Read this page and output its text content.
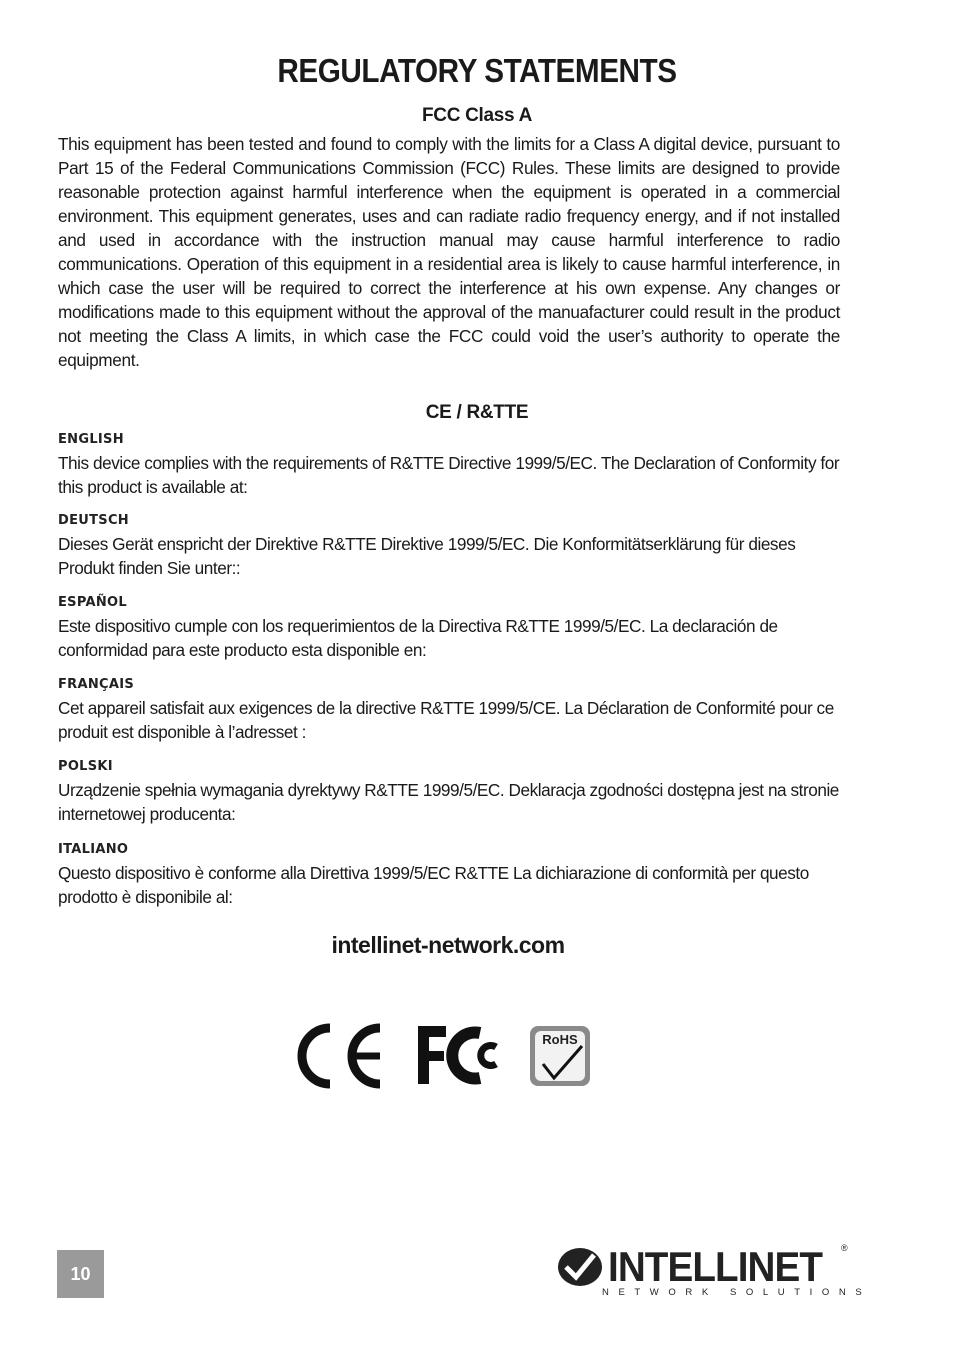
REGULATORY STATEMENTS
FCC Class A
This equipment has been tested and found to comply with the limits for a Class A digital device, pursuant to Part 15 of the Federal Communications Commission (FCC) Rules. These limits are designed to provide reasonable protection against harmful interference when the equipment is operated in a commercial environment. This equipment generates, uses and can radiate radio frequency energy, and if not installed and used in accordance with the instruction manual may cause harmful interference to radio communications. Operation of this equipment in a residential area is likely to cause harmful interference, in which case the user will be required to correct the interference at his own expense. Any changes or modifications made to this equipment without the approval of the manuafacturer could result in the product not meeting the Class A limits, in which case the FCC could void the user’s authority to operate the equipment.
CE / R&TTE
ENGLISH
This device complies with the requirements of R&TTE Directive 1999/5/EC. The Declaration of Conformity for this product is available at:
DEUTSCH
Dieses Gerät enspricht der Direktive R&TTE Direktive 1999/5/EC. Die Konformitätserklärung für dieses Produkt finden Sie unter::
ESPAÑOL
Este dispositivo cumple con los requerimientos de la Directiva R&TTE 1999/5/EC. La declaración de conformidad para este producto esta disponible en:
FRANÇAIS
Cet appareil satisfait aux exigences de la directive R&TTE 1999/5/CE. La Déclaration de Conformité pour ce produit est disponible à l’adresset :
POLSKI
Urządzenie spełnia wymagania dyrektywy R&TTE 1999/5/EC. Deklaracja zgodności dostępna jest na stronie internetowej producenta:
ITALIANO
Questo dispositivo è conforme alla Direttiva 1999/5/EC R&TTE La dichiarazione di conformità per questo prodotto è disponibile al:
intellinet-network.com
RoHS
10	INTELLINET ®
NETWORK SOLUTIONS
